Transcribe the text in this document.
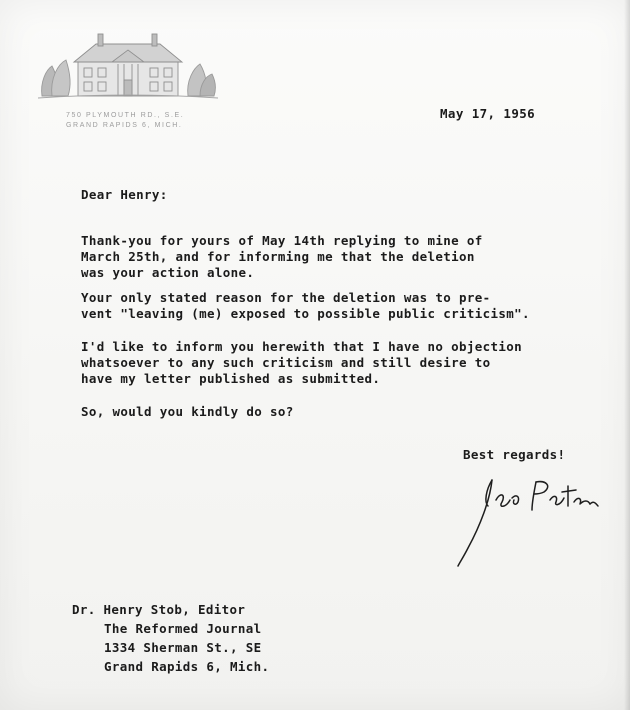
750 PLYMOUTH RD., S.E.
GRAND RAPIDS 6, MICH.
May 17, 1956
Dear Henry:
Thank-you for yours of May 14th replying to mine of
March 25th, and for informing me that the deletion
was your action alone.
Your only stated reason for the deletion was to pre-
vent "leaving (me) exposed to possible public criticism".
I'd like to inform you herewith that I have no objection
whatsoever to any such criticism and still desire to
have my letter published as submitted.
So, would you kindly do so?
Best regards!
Dr. Henry Stob, Editor
The Reformed Journal
1334 Sherman St., SE
Grand Rapids 6, Mich.
